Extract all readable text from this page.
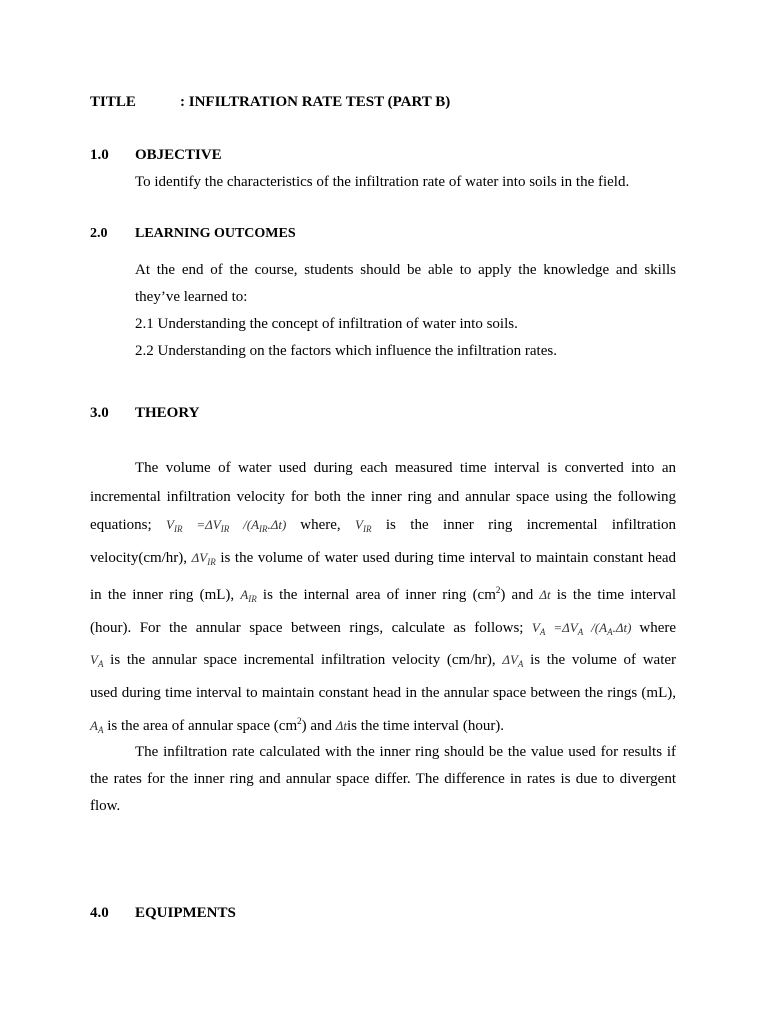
TITLE	: INFILTRATION RATE TEST (PART B)
1.0 OBJECTIVE
To identify the characteristics of the infiltration rate of water into soils in the field.
2.0 LEARNING OUTCOMES
At the end of the course, students should be able to apply the knowledge and skills
they’ve learned to:
2.1 Understanding the concept of infiltration of water into soils.
2.2 Understanding on the factors which influence the infiltration rates.
3.0 THEORY
The volume of water used during each measured time interval is converted into an
incremental infiltration velocity for both the inner ring and annular space using the following
equations; $V_{IR} =\Delta V_{IR}$ $/(A_{IR}.\Delta t)$ where, $V_{IR}$ is the inner ring incremental infiltration
velocity(cm/hr), $\Delta V_{IR}$ is the volume of water used during time interval to maintain constant head
in the inner ring (mL), $A_{IR}$ is the internal area of inner ring $(cm^2)$ and Δt is the time interval
(hour). For the annular space between rings, calculate as follows; $V_A =\Delta V_A$ $/(A_A.\Delta t)$ where
$V_A$ is the annular space incremental infiltration velocity (cm/hr), $\Delta V_A$ is the volume of water
used during time interval to maintain constant head in the annular space between the rings (mL),
$A_A$ is the area of annular space $(cm^2)$ and Δtis the time interval (hour).
The infiltration rate calculated with the inner ring should be the value used for results if
the rates for the inner ring and annular space differ. The difference in rates is due to divergent
flow.
4.0 EQUIPMENTS
